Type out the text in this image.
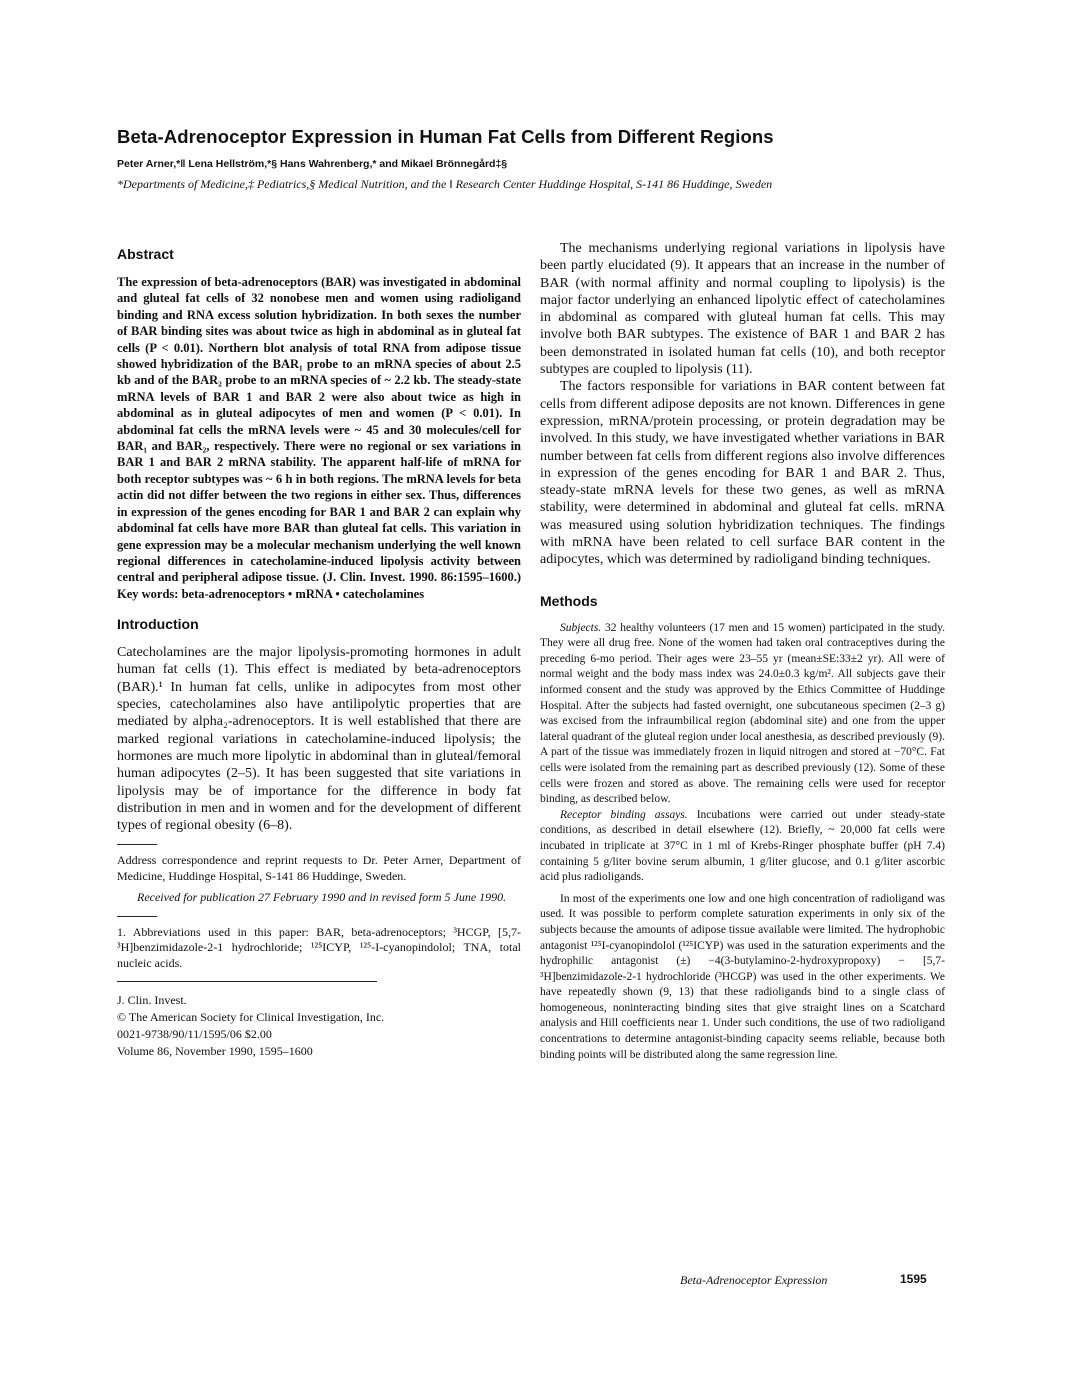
Beta-Adrenoceptor Expression in Human Fat Cells from Different Regions
Peter Arner,*‖ Lena Hellström,*§ Hans Wahrenberg,* and Mikael Brönnegård‡§
*Departments of Medicine,‡ Pediatrics,§ Medical Nutrition, and the ‖ Research Center Huddinge Hospital, S-141 86 Huddinge, Sweden
Abstract

The expression of beta-adrenoceptors (BAR) was investigated in abdominal and gluteal fat cells of 32 nonobese men and women using radioligand binding and RNA excess solution hybridization. In both sexes the number of BAR binding sites was about twice as high in abdominal as in gluteal fat cells (P < 0.01). Northern blot analysis of total RNA from adipose tissue showed hybridization of the BAR₁ probe to an mRNA species of about 2.5 kb and of the BAR₂ probe to an mRNA species of ~ 2.2 kb. The steady-state mRNA levels of BAR 1 and BAR 2 were also about twice as high in abdominal as in gluteal adipocytes of men and women (P < 0.01). In abdominal fat cells the mRNA levels were ~ 45 and 30 molecules/cell for BAR₁ and BAR₂, respectively. There were no regional or sex variations in BAR 1 and BAR 2 mRNA stability. The apparent half-life of mRNA for both receptor subtypes was ~ 6 h in both regions. The mRNA levels for beta actin did not differ between the two regions in either sex. Thus, differences in expression of the genes encoding for BAR 1 and BAR 2 can explain why abdominal fat cells have more BAR than gluteal fat cells. This variation in gene expression may be a molecular mechanism underlying the well known regional differences in catecholamine-induced lipolysis activity between central and peripheral adipose tissue. (J. Clin. Invest. 1990. 86:1595–1600.) Key words: beta-adrenoceptors • mRNA • catecholamines

Introduction

Catecholamines are the major lipolysis-promoting hormones in adult human fat cells (1). This effect is mediated by beta-adrenoceptors (BAR).¹ In human fat cells, unlike in adipocytes from most other species, catecholamines also have antilipolytic properties that are mediated by alpha₂-adrenoceptors. It is well established that there are marked regional variations in catecholamine-induced lipolysis; the hormones are much more lipolytic in abdominal than in gluteal/femoral human adipocytes (2–5). It has been suggested that site variations in lipolysis may be of importance for the difference in body fat distribution in men and in women and for the development of different types of regional obesity (6–8).

Address correspondence and reprint requests to Dr. Peter Arner, Department of Medicine, Huddinge Hospital, S-141 86 Huddinge, Sweden.

Received for publication 27 February 1990 and in revised form 5 June 1990.

1. Abbreviations used in this paper: BAR, beta-adrenoceptors; ³HCGP, [5,7-³H]benzimidazole-2-1 hydrochloride; ¹²⁵ICYP, ¹²⁵-I-cyanopindolol; TNA, total nucleic acids.

J. Clin. Invest.

© The American Society for Clinical Investigation, Inc.

0021-9738/90/11/1595/06 $2.00

Volume 86, November 1990, 1595–1600

The mechanisms underlying regional variations in lipolysis have been partly elucidated (9). It appears that an increase in the number of BAR (with normal affinity and normal coupling to lipolysis) is the major factor underlying an enhanced lipolytic effect of catecholamines in abdominal as compared with gluteal human fat cells. This may involve both BAR subtypes. The existence of BAR 1 and BAR 2 has been demonstrated in isolated human fat cells (10), and both receptor subtypes are coupled to lipolysis (11).

The factors responsible for variations in BAR content between fat cells from different adipose deposits are not known. Differences in gene expression, mRNA/protein processing, or protein degradation may be involved. In this study, we have investigated whether variations in BAR number between fat cells from different regions also involve differences in expression of the genes encoding for BAR 1 and BAR 2. Thus, steady-state mRNA levels for these two genes, as well as mRNA stability, were determined in abdominal and gluteal fat cells. mRNA was measured using solution hybridization techniques. The findings with mRNA have been related to cell surface BAR content in the adipocytes, which was determined by radioligand binding techniques.

Methods

Subjects. 32 healthy volunteers (17 men and 15 women) participated in the study. They were all drug free. None of the women had taken oral contraceptives during the preceding 6-mo period. Their ages were 23–55 yr (mean±SE:33±2 yr). All were of normal weight and the body mass index was 24.0±0.3 kg/m². All subjects gave their informed consent and the study was approved by the Ethics Committee of Huddinge Hospital. After the subjects had fasted overnight, one subcutaneous specimen (2–3 g) was excised from the infraumbilical region (abdominal site) and one from the upper lateral quadrant of the gluteal region under local anesthesia, as described previously (9). A part of the tissue was immediately frozen in liquid nitrogen and stored at −70°C. Fat cells were isolated from the remaining part as described previously (12). Some of these cells were frozen and stored as above. The remaining cells were used for receptor binding, as described below.

Receptor binding assays. Incubations were carried out under steady-state conditions, as described in detail elsewhere (12). Briefly, ~ 20,000 fat cells were incubated in triplicate at 37°C in 1 ml of Krebs-Ringer phosphate buffer (pH 7.4) containing 5 g/liter bovine serum albumin, 1 g/liter glucose, and 0.1 g/liter ascorbic acid plus radioligands.

In most of the experiments one low and one high concentration of radioligand was used. It was possible to perform complete saturation experiments in only six of the subjects because the amounts of adipose tissue available were limited. The hydrophobic antagonist ¹²⁵I-cyanopindolol (¹²⁵ICYP) was used in the saturation experiments and the hydrophilic antagonist (±) −4(3-butylamino-2-hydroxypropoxy) − [5,7-³H]benzimidazole-2-1 hydrochloride (³HCGP) was used in the other experiments. We have repeatedly shown (9, 13) that these radioligands bind to a single class of homogeneous, noninteracting binding sites that give straight lines on a Scatchard analysis and Hill coefficients near 1. Under such conditions, the use of two radioligand concentrations to determine antagonist-binding capacity seems reliable, because both binding points will be distributed along the same regression line.

Beta-Adrenoceptor Expression	1595
